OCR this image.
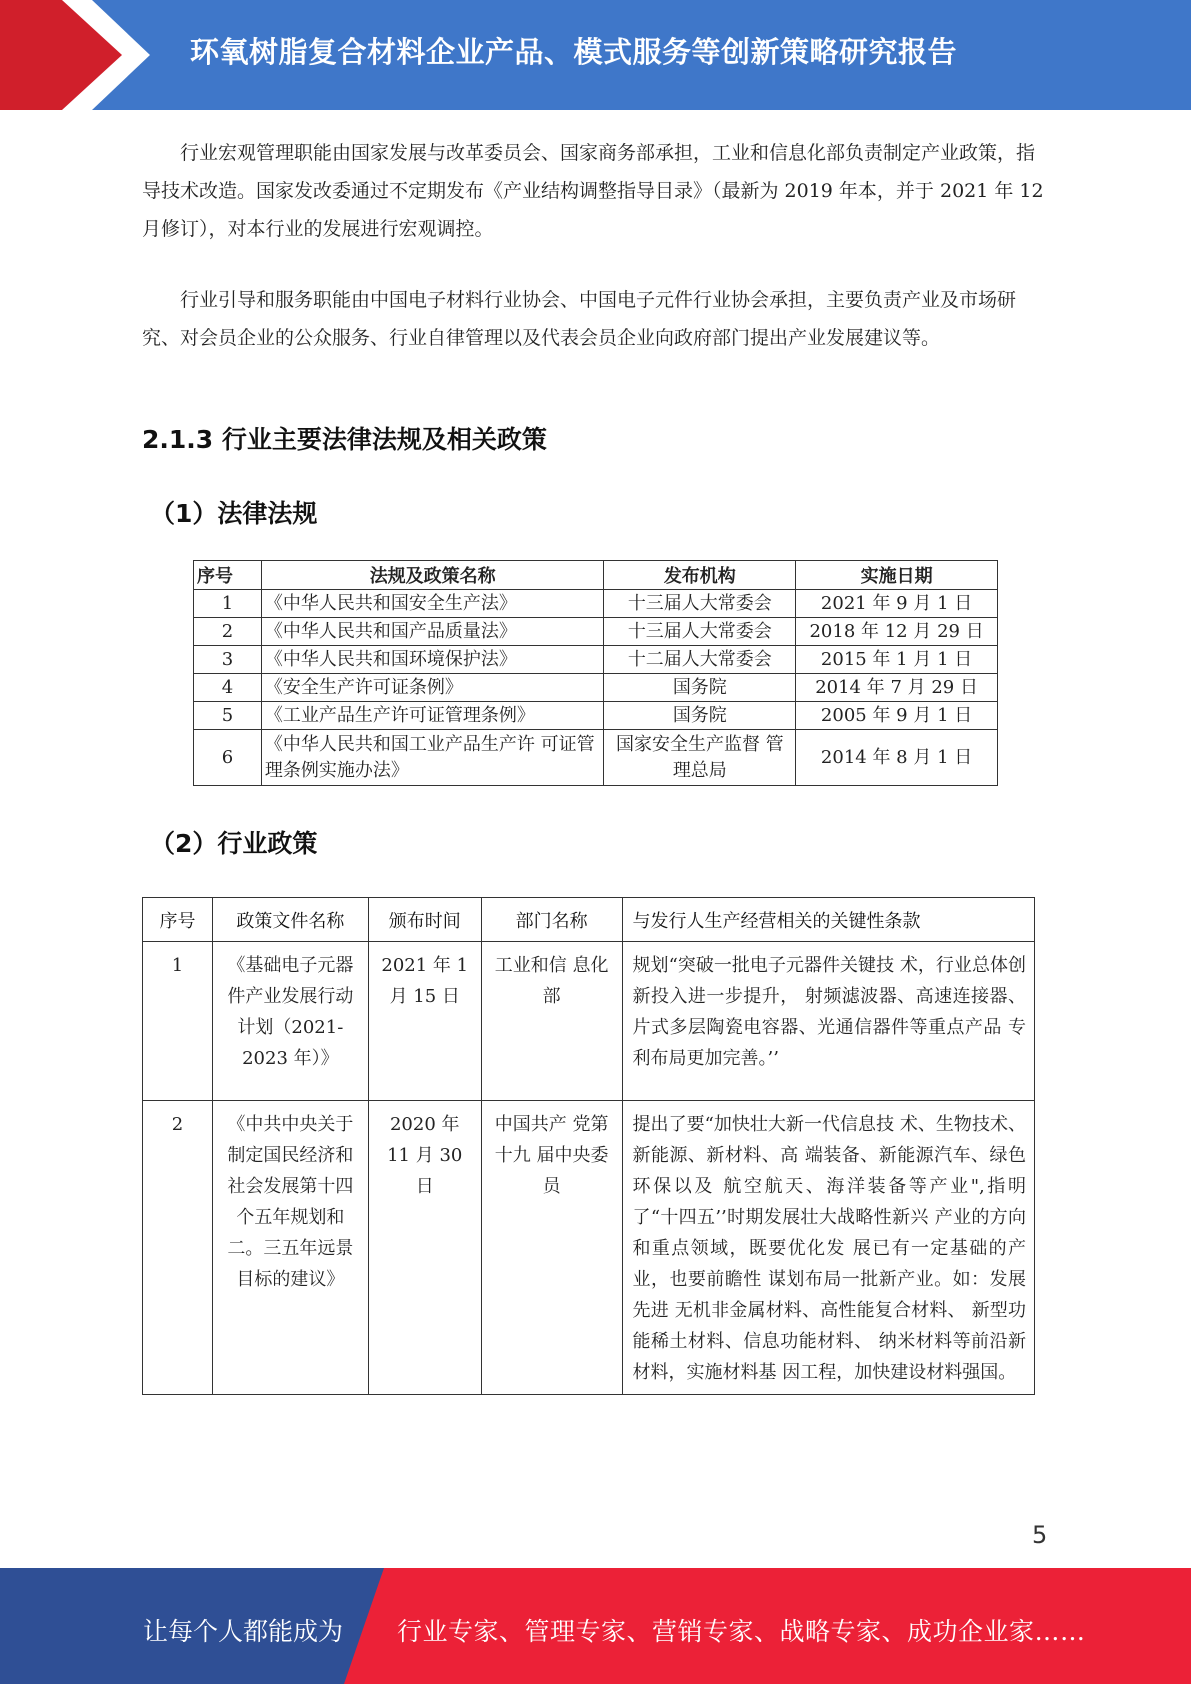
环氧树脂复合材料企业产品、模式服务等创新策略研究报告

行业宏观管理职能由国家发展与改革委员会、国家商务部承担，工业和信息化部负责制定产业政策，指导技术改造。国家发改委通过不定期发布《产业结构调整指导目录》（最新为 2019 年本，并于 2021 年 12 月修订），对本行业的发展进行宏观调控。

行业引导和服务职能由中国电子材料行业协会、中国电子元件行业协会承担，主要负责产业及市场研究、对会员企业的公众服务、行业自律管理以及代表会员企业向政府部门提出产业发展建议等。

2.1.3 行业主要法律法规及相关政策
（1）法律法规
序号	法规及政策名称	发布机构	实施日期
1	《中华人民共和国安全生产法》	十三届人大常委会	2021 年 9 月 1 日
2	《中华人民共和国产品质量法》	十三届人大常委会	2018 年 12 月 29 日
3	《中华人民共和国环境保护法》	十二届人大常委会	2015 年 1 月 1 日
4	《安全生产许可证条例》	国务院	2014 年 7 月 29 日
5	《工业产品生产许可证管理条例》	国务院	2005 年 9 月 1 日
6	《中华人民共和国工业产品生产许 可证管理条例实施办法》	国家安全生产监督 管理总局	2014 年 8 月 1 日
（2）行业政策
序号	政策文件名称	颁布时间	部门名称	与发行人生产经营相关的关键性条款
1	《基础电子元器件产业发展行动计划（2021-2023 年）》	2021 年 1 月 15 日	工业和信 息化部	规划“突破一批电子元器件关键技 术，行业总体创新投入进一步提升， 射频滤波器、高速连接器、片式多层陶瓷电容器、光通信器件等重点产品 专利布局更加完善。’’
2	《中共中央关于制定国民经济和社会发展第十四个五年规划和二。三五年远景目标的建议》	2020 年 11 月 30 日	中国共产 党第十九 届中央委 员	提出了要“加快壮大新一代信息技 术、生物技术、新能源、新材料、高 端装备、新能源汽车、绿色环保以及 航空航天、海洋装备等产业",指明 了“十四五’’时期发展壮大战略性新兴 产业的方向和重点领域，既要优化发 展已有一定基础的产业，也要前瞻性 谋划布局一批新产业。如：发展先进 无机非金属材料、高性能复合材料、 新型功能稀土材料、信息功能材料、 纳米材料等前沿新材料，实施材料基 因工程，加快建设材料强国。
5
让每个人都能成为 行业专家、管理专家、营销专家、战略专家、成功企业家……
